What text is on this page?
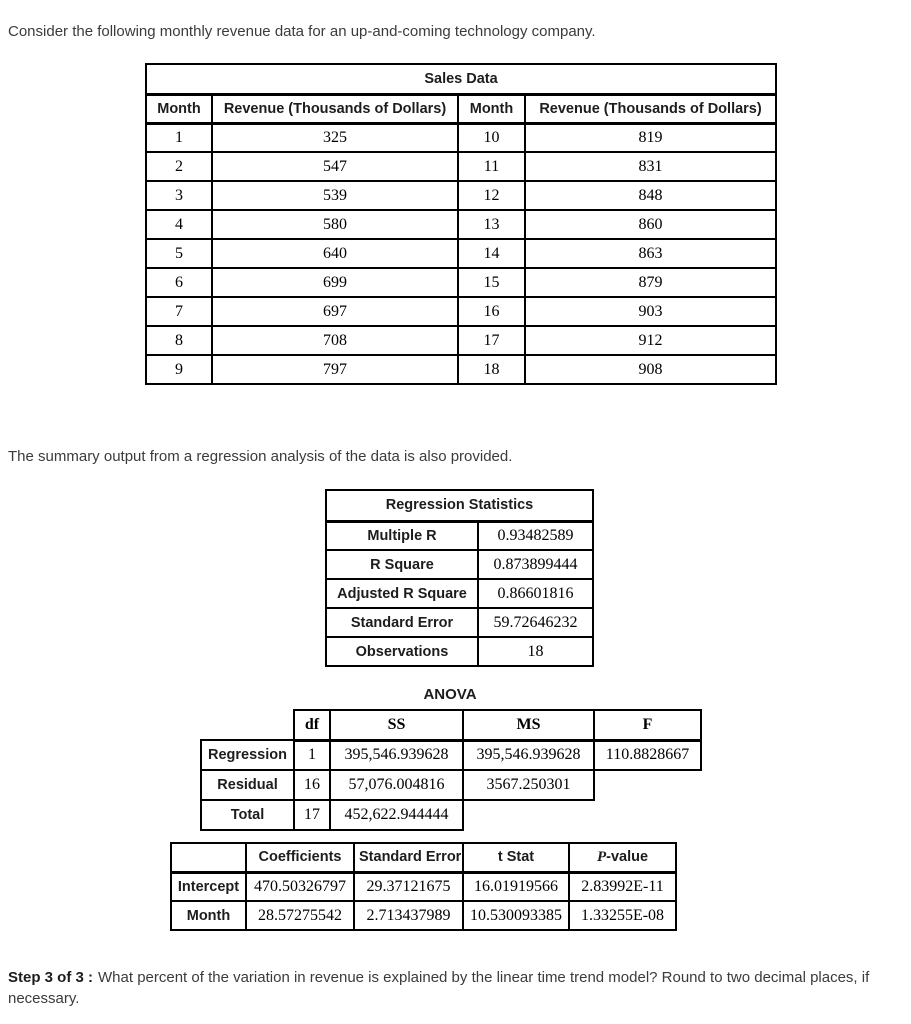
Consider the following monthly revenue data for an up-and-coming technology company.

Sales Data			
Month	Revenue (Thousands of Dollars)	Month	Revenue (Thousands of Dollars)
1	325	10	819
2	547	11	831
3	539	12	848
4	580	13	860
5	640	14	863
6	699	15	879
7	697	16	903
8	708	17	912
9	797	18	908

The summary output from a regression analysis of the data is also provided.

Regression Statistics	
Multiple R	0.93482589
R Square	0.873899444
Adjusted R Square	0.86601816
Standard Error	59.72646232
Observations	18
ANOVA
	df	SS	MS	F
Regression	1	395,546.939628	395,546.939628	110.8828667
Residual	16	57,076.004816	3567.250301	
Total	17	452,622.944444		
	Coefficients	Standard Error	t Stat	P-value
Intercept	470.50326797	29.37121675	16.01919566	2.83992E-11
Month	28.57275542	2.713437989	10.530093385	1.33255E-08

Step 3 of 3 : What percent of the variation in revenue is explained by the linear time trend model? Round to two decimal places, if necessary.
